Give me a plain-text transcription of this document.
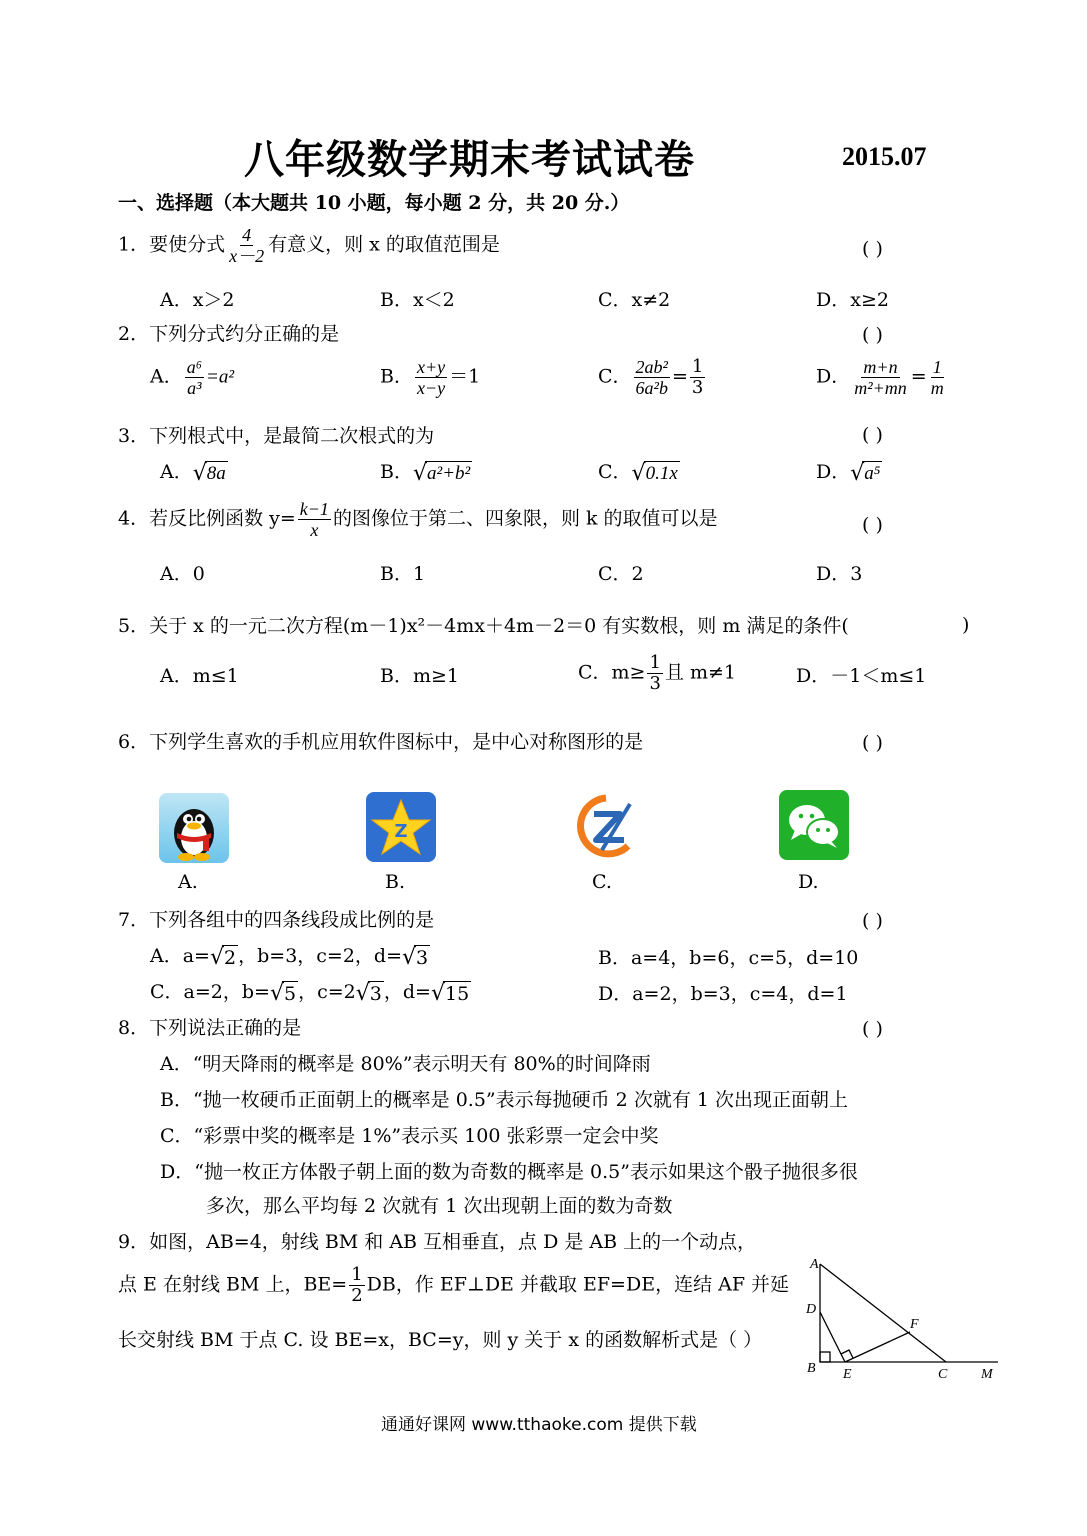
八年级数学期末考试试卷	2015.07
一、选择题（本大题共 10 小题，每小题 2 分，共 20 分.）
1．要使分式 $\frac{4}{x-2}$ 有意义，则 x 的取值范围是	( )
A．x＞2	B．x＜2	C．x≠2	D．x≥2
2．下列分式约分正确的是	( )
A． $\frac{\text{a⁶}}{\text{a³}} =a^2$	B． $\frac{x+y}{x-y} =1$	C． $\frac{\text{2ab²}}{\text{6a²b}} = \frac{1}{3}$	D． $\frac{m+n}{\text{m²+mn}} = \frac{1}{m}$
3．下列根式中，是最简二次根式的为	( )
A．√8a	B．√a²+b²	C．√0.1x	D．√a⁵
4．若反比例函数 $y= \frac{k-1}{x}$ 的图像位于第二、四象限，则 k 的取值可以是	( )
A．0	B．1	C．2	D．3
5．关于 x 的一元二次方程(m－1)x²－4mx＋4m－2＝0 有实数根，则 m 满足的条件(	)
A．m≤1	B．m≥1	C．$m\ge \frac{1}{3}$ 且 m≠1	D．－1＜m≤1
6．下列学生喜欢的手机应用软件图标中，是中心对称图形的是	( )
Z
A.	B.	C.	D.
7．下列各组中的四条线段成比例的是	( )
A．a=√2 ，b=3，c=2，d=√3	B．a=4，b=6，c=5，d=10
C．a=2，b=√5 ，c=2√3 ，d=√15	D．a=2，b=3，c=4，d=1
8．下列说法正确的是	( )
A．“明天降雨的概率是 80%”表示明天有 80%的时间降雨
B．“抛一枚硬币正面朝上的概率是 0.5”表示每抛硬币 2 次就有 1 次出现正面朝上
C．“彩票中奖的概率是 1%”表示买 100 张彩票一定会中奖
D．“抛一枚正方体骰子朝上面的数为奇数的概率是 0.5”表示如果这个骰子抛很多很
多次，那么平均每 2 次就有 1 次出现朝上面的数为奇数
9．如图，AB=4，射线 BM 和 AB 互相垂直，点 D 是 AB 上的一个动点，
点 E 在射线 BM 上，$BE= \frac{1}{2}$ DB，作 EF⊥DE 并截取 EF=DE，连结 AF 并延
长交射线 BM 于点 C. 设 BE=x，BC=y，则 y 关于 x 的函数解析式是（ ）
A
D
F
B E	C M
通通好课网 www.tthaoke.com 提供下载
